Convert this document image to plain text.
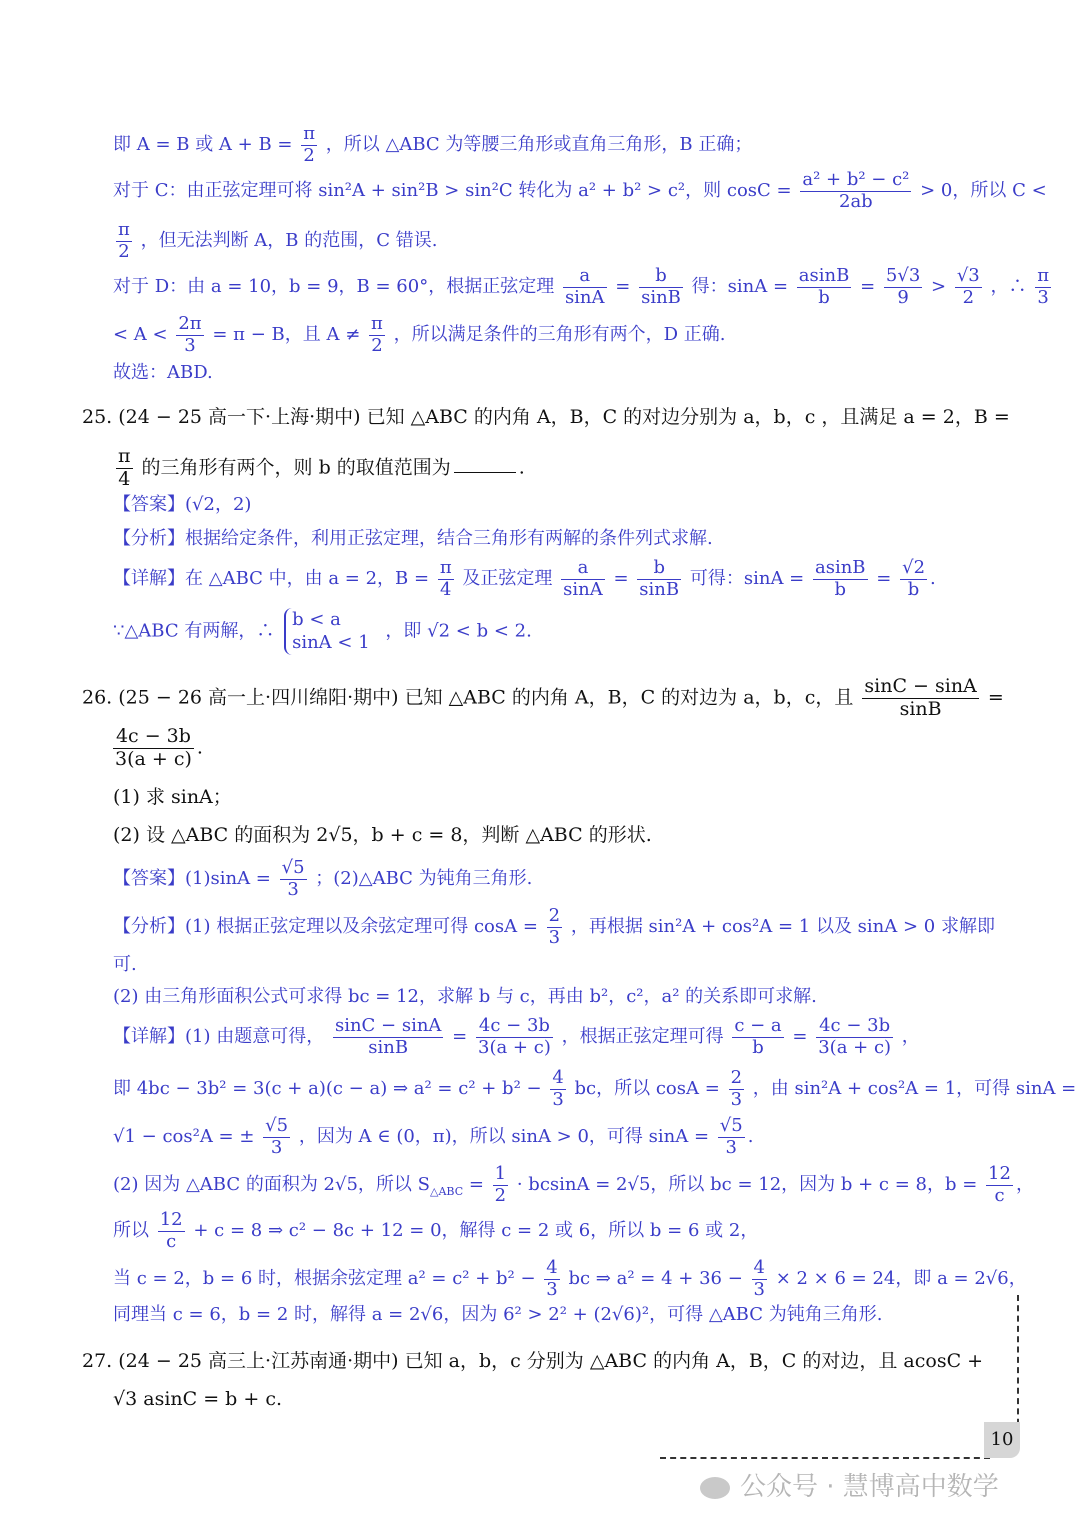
即 A = B 或 $A + B = \frac{\pi}{2}$ ，所以 △ABC 为等腰三角形或直角三角形，B 正确；
对于 C：由正弦定理可将 sin²A + sin²B > sin²C 转化为 a² + b² > c²，则 $\cos C = \frac{\text{a² + b² − c²}}{2ab} > 0$，所以 C <
$\frac{\pi}{2}$ ，但无法判断 A，B 的范围，C 错误.
对于 D：由 a = 10，b = 9，B = 60°，根据正弦定理 $\frac{a}{\sin A} = \frac{b}{\sin B}$ 得：$\sin A = \frac{asinB}{b} = \frac{5√3}{9} > \frac{√3}{2}$ ，∴ $\frac{\pi}{3}$
< $A < \frac{2\pi}{3} = \pi - B$，且 $A \ne \frac{\pi}{2}$ ，所以满足条件的三角形有两个，D 正确.
故选：ABD.
25. (24 − 25 高一下·上海·期中) 已知 △ABC 的内角 A，B，C 的对边分别为 a，b，c ，且满足 a = 2，B =
$\frac{\pi}{4}$ 的三角形有两个，则 b 的取值范围为	.
【答案】(√2，2)
【分析】根据给定条件，利用正弦定理，结合三角形有两解的条件列式求解.
【详解】在 △ABC 中，由 a = 2，$B = \frac{\pi}{4}$ 及正弦定理 $\frac{a}{\sin A} = \frac{b}{\sin B}$ 可得：$\sin A = \frac{asinB}{b} = \frac{√2}{b}$ .
∵△ABC 有两解，∴
b < a
sinA < 1
，即 √2 < b < 2.
26. (25 − 26 高一上·四川绵阳·期中) 已知 △ABC 的内角 A，B，C 的对边为 a，b，c，且 $\frac{\sin C - \sin A}{\sin B}$ =
$\frac{4c - 3b}{3(a + c)}$ .
(1) 求 sinA；
(2) 设 △ABC 的面积为 2√5，b + c = 8，判断 △ABC 的形状.
【答案】$(1)\sin A = \frac{√5}{3}$ ；(2)△ABC 为钝角三角形.
【分析】(1) 根据正弦定理以及余弦定理可得 $\cos A = \frac{2}{3}$ ，再根据 sin²A + cos²A = 1 以及 sinA > 0 求解即
可.
(2) 由三角形面积公式可求得 bc = 12，求解 b 与 c，再由 b²，c²，a² 的关系即可求解.
【详解】(1) 由题意可得， $\frac{\sin C - \sin A}{\sin B} = \frac{4c - 3b}{3(a + c)}$ ，根据正弦定理可得 $\frac{c - a}{b} = \frac{4c - 3b}{3(a + c)}$ ，
即 4bc − 3b² = 3(c + a)(c − a) ⇒ $a^2 = c^2 + b^2 - \frac{4}{3}$ bc，所以 $\cos A = \frac{2}{3}$ ，由 sin²A + cos²A = 1，可得 sinA =
√1 − cos²A = ± $\frac{√5}{3}$ ，因为 A ∈ (0，π)，所以 sinA > 0，可得 $\sin A = \frac{√5}{3}$ .
(2) 因为 △ABC 的面积为 2√5，所以 $S_{\triangle ABC} = \frac{1}{2} \cdot bcsinA = 2√5$，所以 bc = 12，因为 b + c = 8，$b = \frac{12}{c}$ ，
所以 $\frac{12}{c} + c = 8$ ⇒ c² − 8c + 12 = 0，解得 c = 2 或 6，所以 b = 6 或 2，
当 c = 2，b = 6 时，根据余弦定理 $a^2 = c^2 + b^2 - \frac{4}{3}$ bc ⇒ $a^2 = 4 + 36 - \frac{4}{3} \times 2 \times 6 = 24$，即 a = 2√6，
同理当 c = 6，b = 2 时，解得 a = 2√6，因为 6² > 2² + (2√6)²，可得 △ABC 为钝角三角形.
27. (24 − 25 高三上·江苏南通·期中) 已知 a，b，c 分别为 △ABC 的内角 A，B，C 的对边，且 acosC +
√3 asinC = b + c.
10
公众号 · 慧博高中数学
